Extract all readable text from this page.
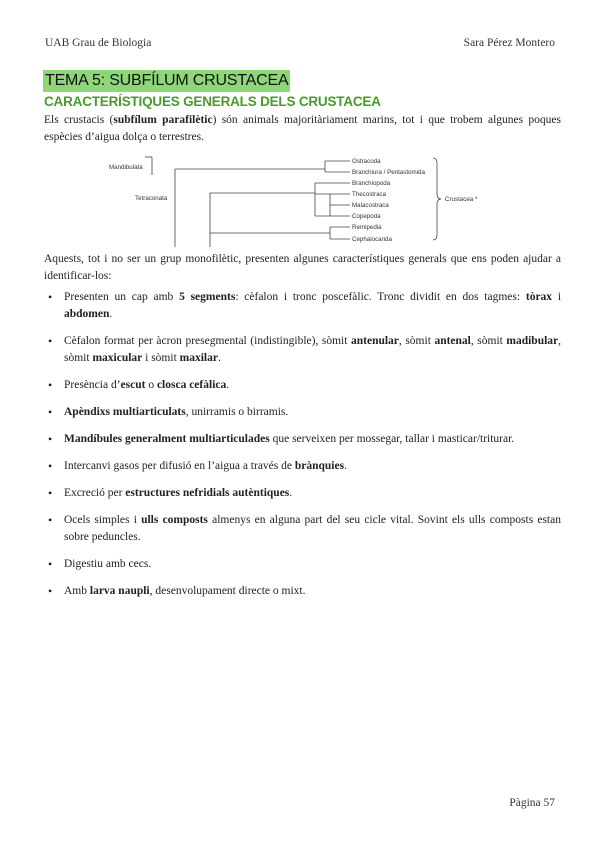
UAB Grau de Biologia	Sara Pérez Montero
TEMA 5: SUBFÍLUM CRUSTACEA
CARACTERÍSTIQUES GENERALS DELS CRUSTACEA

Els crustacis (subfílum parafilètic) són animals majoritàriament marins, tot i que trobem algunes poques espècies d’aigua dolça o terrestres.

Mandibulata
Tetraconata
Ostracoda
Branchiura / Pentastomida
Branchiopoda
Thecostraca
Malacostraca
Copepoda
Remipedia
Cephalocarida
Crustacea *

Aquests, tot i no ser un grup monofilètic, presenten algunes característiques generals que ens poden ajudar a identificar-los:

• Presenten un cap amb 5 segments: cèfalon i tronc poscefàlic. Tronc dividit en dos tagmes: tòrax i abdomen.
• Cèfalon format per àcron presegmental (indistingible), sòmit antenular, sòmit antenal, sòmit madibular, sòmit maxicular i sòmit maxilar.
• Presència d’escut o closca cefàlica.
• Apèndixs multiarticulats, unirramis o birramis.
• Mandíbules generalment multiarticulades que serveixen per mossegar, tallar i masticar/triturar.
• Intercanvi gasos per difusió en l’aigua a través de brànquies.
• Excreció per estructures nefridials autèntiques.
• Ocels simples i ulls composts almenys en alguna part del seu cicle vital. Sovint els ulls composts estan sobre peduncles.
• Digestiu amb cecs.
• Amb larva naupli, desenvolupament directe o mixt.
Pàgina 57
